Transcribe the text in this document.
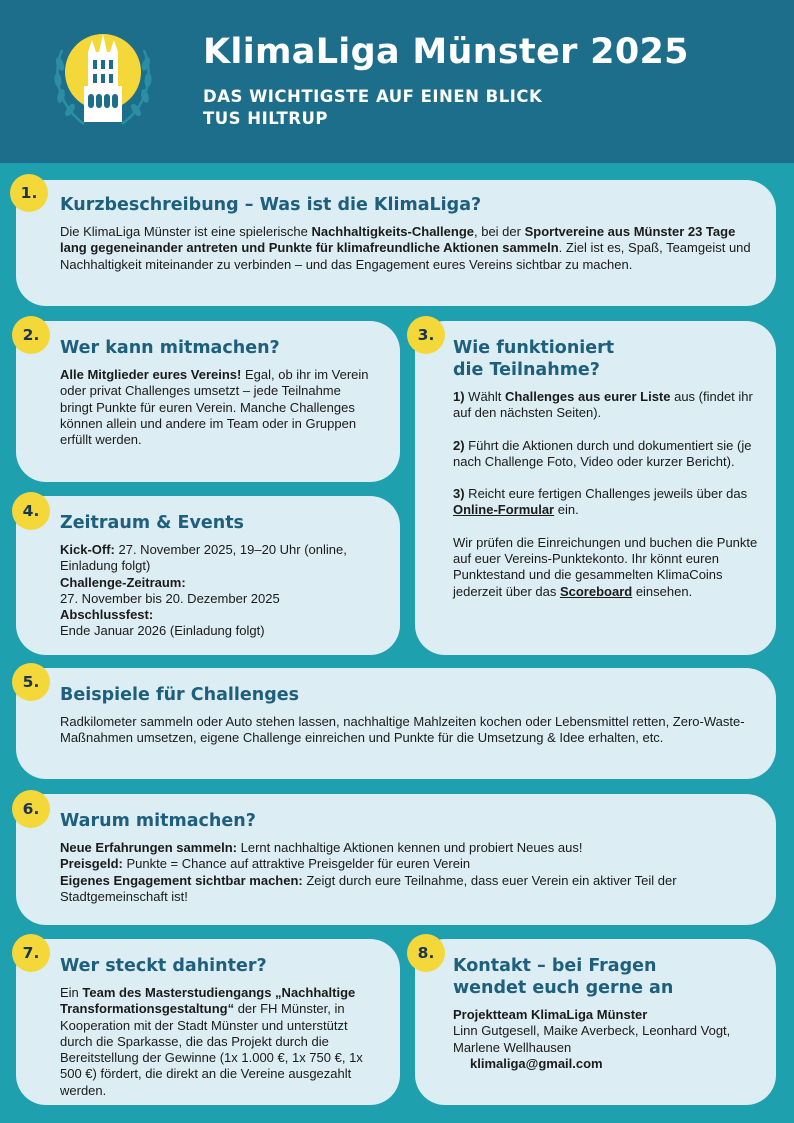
KlimaLiga Münster 2025
DAS WICHTIGSTE AUF EINEN BLICK
TUS HILTRUP
Kurzbeschreibung – Was ist die KlimaLiga?

Die KlimaLiga Münster ist eine spielerische Nachhaltigkeits-Challenge, bei der Sportvereine aus Münster 23 Tage lang gegeneinander antreten und Punkte für klimafreundliche Aktionen sammeln. Ziel ist es, Spaß, Teamgeist und Nachhaltigkeit miteinander zu verbinden – und das Engagement eures Vereins sichtbar zu machen.

1.
Wer kann mitmachen?

Alle Mitglieder eures Vereins! Egal, ob ihr im Verein oder privat Challenges umsetzt – jede Teilnahme bringt Punkte für euren Verein. Manche Challenges können allein und andere im Team oder in Gruppen erfüllt werden.

2.
Wie funktioniert
die Teilnahme?

1) Wählt Challenges aus eurer Liste aus (findet ihr auf den nächsten Seiten).

2) Führt die Aktionen durch und dokumentiert sie (je nach Challenge Foto, Video oder kurzer Bericht).

3) Reicht eure fertigen Challenges jeweils über das Online-Formular ein.

Wir prüfen die Einreichungen und buchen die Punkte auf euer Vereins-Punktekonto. Ihr könnt euren Punktestand und die gesammelten KlimaCoins jederzeit über das Scoreboard einsehen.

3.
Zeitraum & Events

Kick-Off: 27. November 2025, 19–20 Uhr (online, Einladung folgt)

Challenge-Zeitraum:

27. November bis 20. Dezember 2025

Abschlussfest:

Ende Januar 2026 (Einladung folgt)

4.
Beispiele für Challenges

Radkilometer sammeln oder Auto stehen lassen, nachhaltige Mahlzeiten kochen oder Lebensmittel retten, Zero-Waste-Maßnahmen umsetzen, eigene Challenge einreichen und Punkte für die Umsetzung & Idee erhalten, etc.

5.
Warum mitmachen?

Neue Erfahrungen sammeln: Lernt nachhaltige Aktionen kennen und probiert Neues aus!

Preisgeld: Punkte = Chance auf attraktive Preisgelder für euren Verein

Eigenes Engagement sichtbar machen: Zeigt durch eure Teilnahme, dass euer Verein ein aktiver Teil der Stadtgemeinschaft ist!

6.
Wer steckt dahinter?

Ein Team des Masterstudiengangs „Nachhaltige Transformationsgestaltung“ der FH Münster, in Kooperation mit der Stadt Münster und unterstützt durch die Sparkasse, die das Projekt durch die Bereitstellung der Gewinne (1x 1.000 €, 1x 750 €, 1x 500 €) fördert, die direkt an die Vereine ausgezahlt werden.

7.
Kontakt – bei Fragen
wendet euch gerne an

Projektteam KlimaLiga Münster

Linn Gutgesell, Maike Averbeck, Leonhard Vogt, Marlene Wellhausen

klimaliga@gmail.com

8.
